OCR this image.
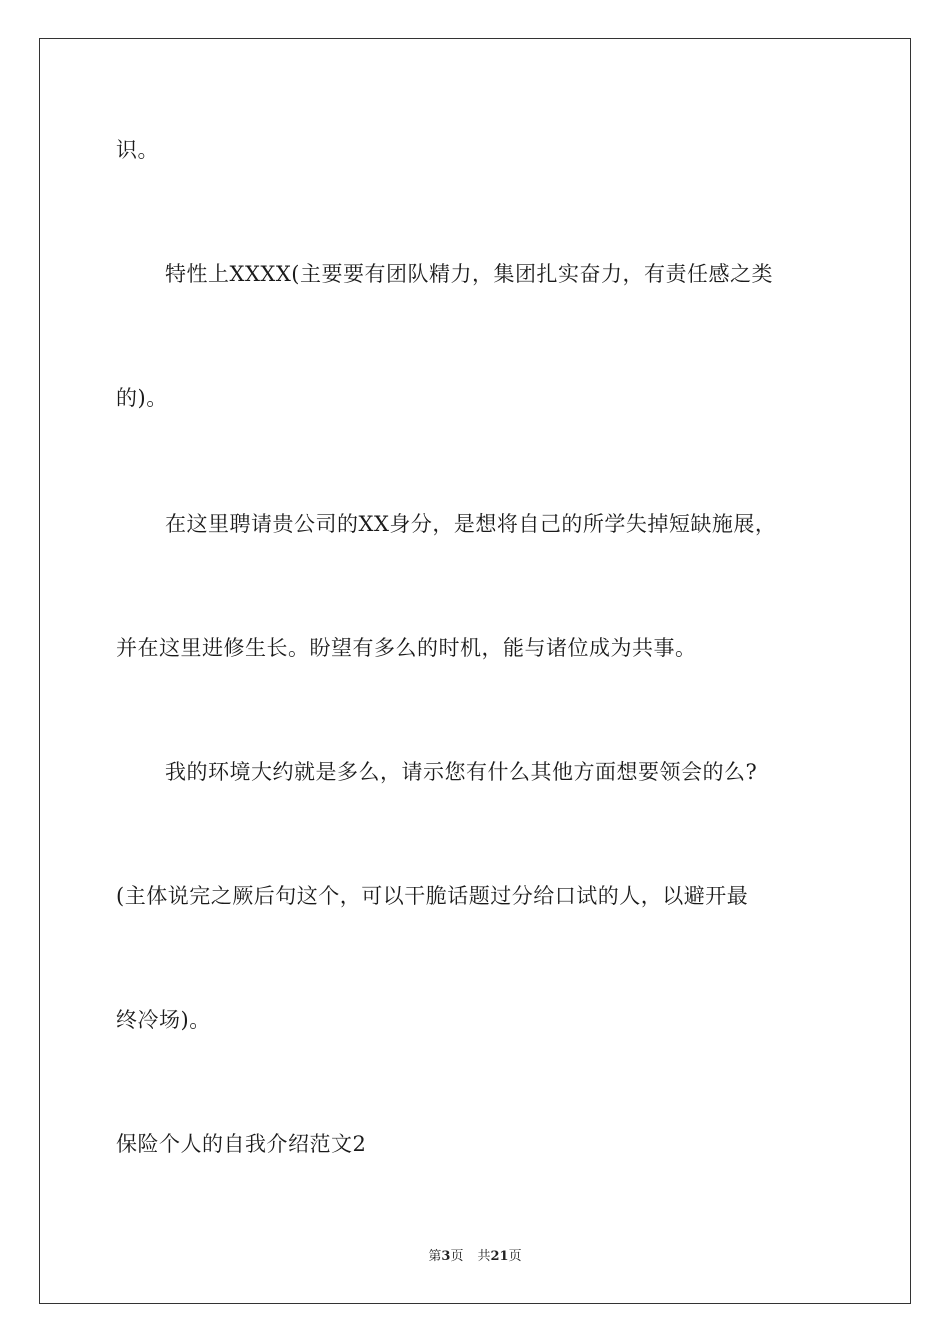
识。
特性上XXXX(主要要有团队精力，集团扎实奋力，有责任感之类
的)。
在这里聘请贵公司的XX身分，是想将自己的所学失掉短缺施展，
并在这里进修生长。盼望有多么的时机，能与诸位成为共事。
我的环境大约就是多么，请示您有什么其他方面想要领会的么?
(主体说完之厥后句这个，可以干脆话题过分给口试的人，以避开最
终冷场)。
保险个人的自我介绍范文2
第3页 共21页
